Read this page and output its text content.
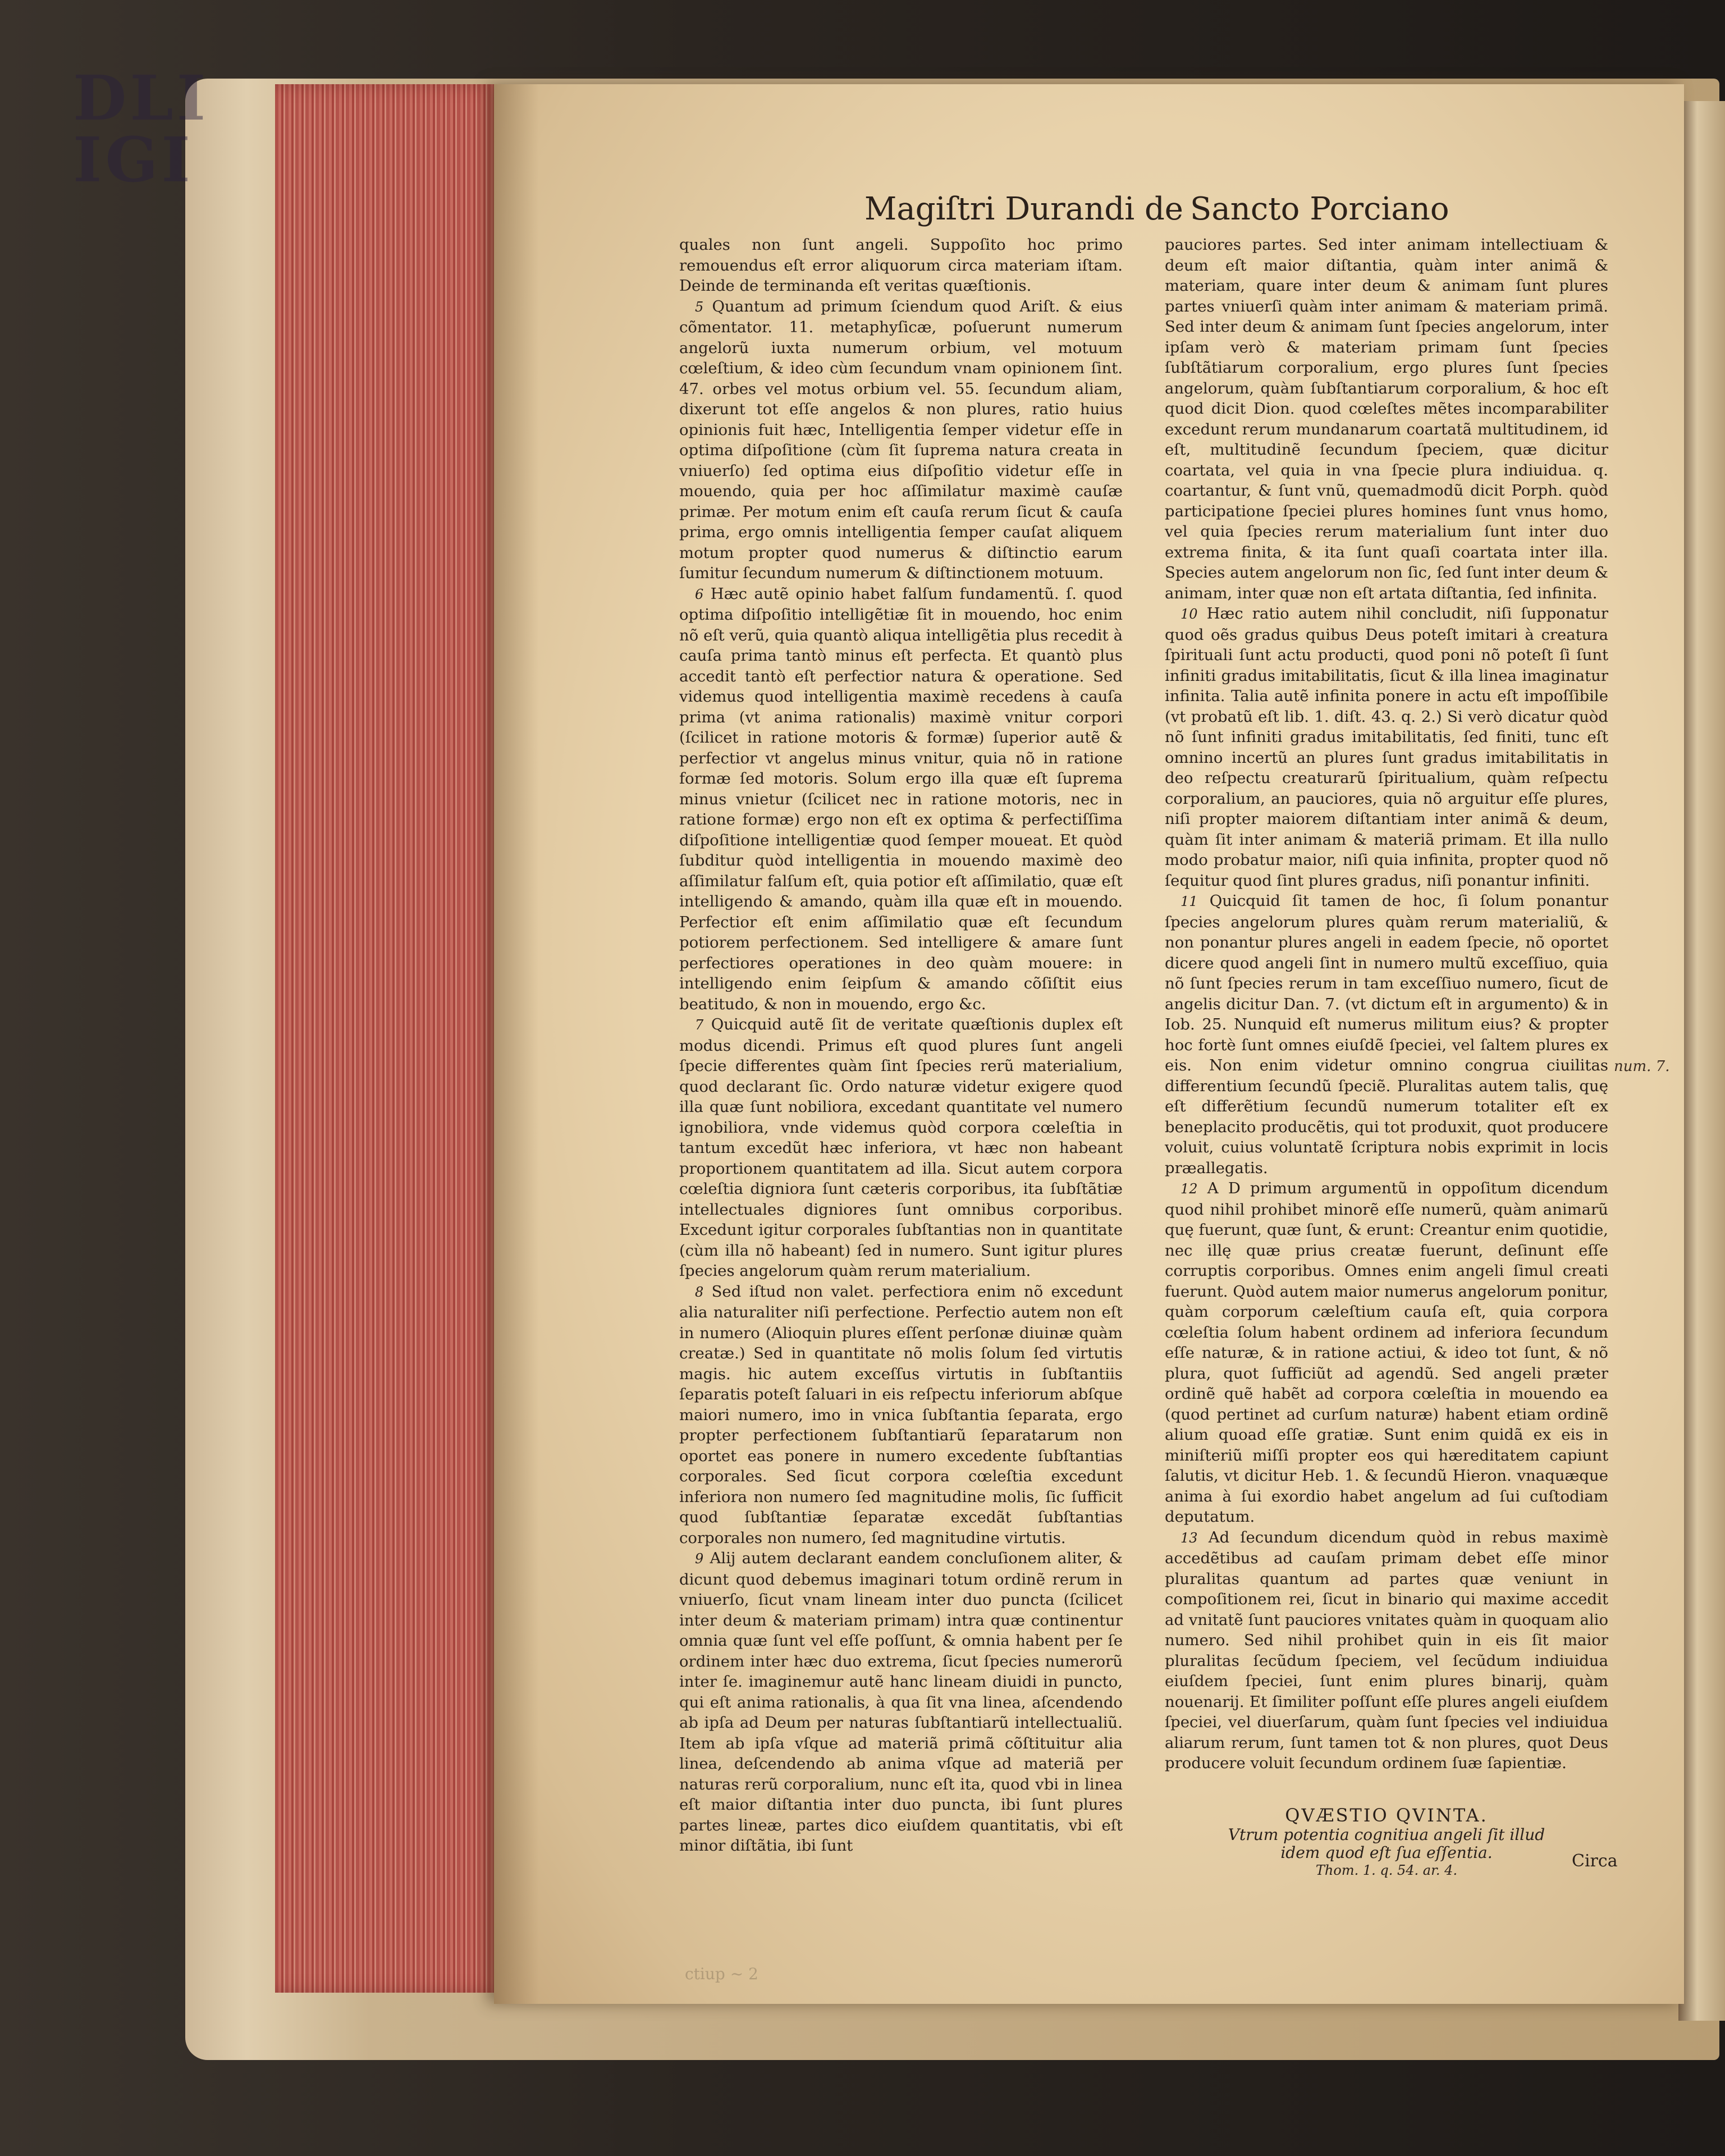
DLI
IGI
Magiſtri Durandi de Sancto Porciano

quales non ſunt angeli. Suppoſito hoc primo remouendus eſt error aliquorum circa materiam iſtam. Deinde de terminanda eſt veritas quæſtionis.

5 Quantum ad primum ſciendum quod Ariſt. & eius cõmentator. 11. metaphyſicæ, poſuerunt numerum angelorũ iuxta numerum orbium, vel motuum cœleſtium, & ideo cùm ſecundum vnam opinionem ſint. 47. orbes vel motus orbium vel. 55. ſecundum aliam, dixerunt tot eſſe angelos & non plures, ratio huius opinionis fuit hæc, Intelligentia ſemper videtur eſſe in optima diſpoſitione (cùm ſit ſuprema natura creata in vniuerſo) ſed optima eius diſpoſitio videtur eſſe in mouendo, quia per hoc aſſimilatur maximè cauſæ primæ. Per motum enim eſt cauſa rerum ſicut & cauſa prima, ergo omnis intelligentia ſemper cauſat aliquem motum propter quod numerus & diſtinctio earum ſumitur ſecundum numerum & diſtinctionem motuum.

6 Hæc autẽ opinio habet falſum fundamentũ. ſ. quod optima diſpoſitio intelligẽtiæ ſit in mouendo, hoc enim nõ eſt verũ, quia quantò aliqua intelligẽtia plus recedit à cauſa prima tantò minus eſt perfecta. Et quantò plus accedit tantò eſt perfectior natura & operatione. Sed videmus quod intelligentia maximè recedens à cauſa prima (vt anima rationalis) maximè vnitur corpori (ſcilicet in ratione motoris & formæ) ſuperior autẽ & perfectior vt angelus minus vnitur, quia nõ in ratione formæ ſed motoris. Solum ergo illa quæ eſt ſuprema minus vnietur (ſcilicet nec in ratione motoris, nec in ratione formæ) ergo non eſt ex optima & perfectiſſima diſpoſitione intelligentiæ quod ſemper moueat. Et quòd ſubditur quòd intelligentia in mouendo maximè deo aſſimilatur falſum eſt, quia potior eſt aſſimilatio, quæ eſt intelligendo & amando, quàm illa quæ eſt in mouendo. Perfectior eſt enim aſſimilatio quæ eſt ſecundum potiorem perfectionem. Sed intelligere & amare ſunt perfectiores operationes in deo quàm mouere: in intelligendo enim ſeipſum & amando cõſiſtit eius beatitudo, & non in mouendo, ergo &c.

7 Quicquid autẽ ſit de veritate quæſtionis duplex eſt modus dicendi. Primus eſt quod plures ſunt angeli ſpecie differentes quàm ſint ſpecies rerũ materialium, quod declarant ſic. Ordo naturæ videtur exigere quod illa quæ ſunt nobiliora, excedant quantitate vel numero ignobiliora, vnde videmus quòd corpora cœleſtia in tantum excedũt hæc inferiora, vt hæc non habeant proportionem quantitatem ad illa. Sicut autem corpora cœleſtia digniora ſunt cæteris corporibus, ita ſubſtãtiæ intellectuales digniores ſunt omnibus corporibus. Excedunt igitur corporales ſubſtantias non in quantitate (cùm illa nõ habeant) ſed in numero. Sunt igitur plures ſpecies angelorum quàm rerum materialium.

8 Sed iſtud non valet. perfectiora enim nõ excedunt alia naturaliter niſi perfectione. Perfectio autem non eſt in numero (Alioquin plures eſſent perſonæ diuinæ quàm creatæ.) Sed in quantitate nõ molis ſolum ſed virtutis magis. hic autem exceſſus virtutis in ſubſtantiis ſeparatis poteſt ſaluari in eis reſpectu inferiorum abſque maiori numero, imo in vnica ſubſtantia ſeparata, ergo propter perfectionem ſubſtantiarũ ſeparatarum non oportet eas ponere in numero excedente ſubſtantias corporales. Sed ſicut corpora cœleſtia excedunt inferiora non numero ſed magnitudine molis, ſic ſufficit quod ſubſtantiæ ſeparatæ excedãt ſubſtantias corporales non numero, ſed magnitudine virtutis.

9 Alij autem declarant eandem concluſionem aliter, & dicunt quod debemus imaginari totum ordinẽ rerum in vniuerſo, ſicut vnam lineam inter duo puncta (ſcilicet inter deum & materiam primam) intra quæ continentur omnia quæ ſunt vel eſſe poſſunt, & omnia habent per ſe ordinem inter hæc duo extrema, ſicut ſpecies numerorũ inter ſe. imaginemur autẽ hanc lineam diuidi in puncto, qui eſt anima rationalis, à qua ſit vna linea, aſcendendo ab ipſa ad Deum per naturas ſubſtantiarũ intellectualiũ. Item ab ipſa vſque ad materiã primã cõſtituitur alia linea, deſcendendo ab anima vſque ad materiã per naturas rerũ corporalium, nunc eſt ita, quod vbi in linea eſt maior diſtantia inter duo puncta, ibi ſunt plures partes lineæ, partes dico eiuſdem quantitatis, vbi eſt minor diſtãtia, ibi ſunt

pauciores partes. Sed inter animam intellectiuam & deum eſt maior diſtantia, quàm inter animã & materiam, quare inter deum & animam ſunt plures partes vniuerſi quàm inter animam & materiam primã. Sed inter deum & animam ſunt ſpecies angelorum, inter ipſam verò & materiam primam ſunt ſpecies ſubſtãtiarum corporalium, ergo plures ſunt ſpecies angelorum, quàm ſubſtantiarum corporalium, & hoc eſt quod dicit Dion. quod cœleſtes mẽtes incomparabiliter excedunt rerum mundanarum coartatã multitudinem, id eſt, multitudinẽ ſecundum ſpeciem, quæ dicitur coartata, vel quia in vna ſpecie plura indiuidua. q. coartantur, & ſunt vnũ, quemadmodũ dicit Porph. quòd participatione ſpeciei plures homines ſunt vnus homo, vel quia ſpecies rerum materialium ſunt inter duo extrema finita, & ita ſunt quaſi coartata inter illa. Species autem angelorum non ſic, ſed ſunt inter deum & animam, inter quæ non eſt artata diſtantia, ſed infinita.

10 Hæc ratio autem nihil concludit, niſi ſupponatur quod oẽs gradus quibus Deus poteſt imitari à creatura ſpirituali ſunt actu producti, quod poni nõ poteſt ſi ſunt infiniti gradus imitabilitatis, ſicut & illa linea imaginatur infinita. Talia autẽ infinita ponere in actu eſt impoſſibile (vt probatũ eſt lib. 1. diſt. 43. q. 2.) Si verò dicatur quòd nõ ſunt infiniti gradus imitabilitatis, ſed finiti, tunc eſt omnino incertũ an plures ſunt gradus imitabilitatis in deo reſpectu creaturarũ ſpiritualium, quàm reſpectu corporalium, an pauciores, quia nõ arguitur eſſe plures, niſi propter maiorem diſtantiam inter animã & deum, quàm ſit inter animam & materiã primam. Et illa nullo modo probatur maior, niſi quia infinita, propter quod nõ ſequitur quod ſint plures gradus, niſi ponantur infiniti.

11 Quicquid ſit tamen de hoc, ſi ſolum ponantur ſpecies angelorum plures quàm rerum materialiũ, & non ponantur plures angeli in eadem ſpecie, nõ oportet dicere quod angeli ſint in numero multũ exceſſiuo, quia nõ ſunt ſpecies rerum in tam exceſſiuo numero, ſicut de angelis dicitur Dan. 7. (vt dictum eſt in argumento) & in Iob. 25. Nunquid eſt numerus militum eius? & propter hoc fortè ſunt omnes eiuſdẽ ſpeciei, vel ſaltem plures ex eis. Non enim videtur omnino congrua ciuilitas differentium ſecundũ ſpeciẽ. Pluralitas autem talis, quę eſt differẽtium ſecundũ numerum totaliter eſt ex beneplacito producẽtis, qui tot produxit, quot producere voluit, cuius voluntatẽ ſcriptura nobis exprimit in locis præallegatis.

12 A D primum argumentũ in oppoſitum dicendum quod nihil prohibet minorẽ eſſe numerũ, quàm animarũ quę fuerunt, quæ ſunt, & erunt: Creantur enim quotidie, nec illę quæ prius creatæ fuerunt, deſinunt eſſe corruptis corporibus. Omnes enim angeli ſimul creati fuerunt. Quòd autem maior numerus angelorum ponitur, quàm corporum cæleſtium cauſa eſt, quia corpora cœleſtia ſolum habent ordinem ad inferiora ſecundum eſſe naturæ, & in ratione actiui, & ideo tot ſunt, & nõ plura, quot ſufficiũt ad agendũ. Sed angeli præter ordinẽ quẽ habẽt ad corpora cœleſtia in mouendo ea (quod pertinet ad curſum naturæ) habent etiam ordinẽ alium quoad eſſe gratiæ. Sunt enim quidã ex eis in miniſteriũ miſſi propter eos qui hæreditatem capiunt ſalutis, vt dicitur Heb. 1. & ſecundũ Hieron. vnaquæque anima à ſui exordio habet angelum ad ſui cuſtodiam deputatum.

13 Ad ſecundum dicendum quòd in rebus maximè accedẽtibus ad cauſam primam debet eſſe minor pluralitas quantum ad partes quæ veniunt in compoſitionem rei, ſicut in binario qui maxime accedit ad vnitatẽ ſunt pauciores vnitates quàm in quoquam alio numero. Sed nihil prohibet quin in eis ſit maior pluralitas ſecũdum ſpeciem, vel ſecũdum indiuidua eiuſdem ſpeciei, ſunt enim plures binarij, quàm nouenarij. Et ſimiliter poſſunt eſſe plures angeli eiuſdem ſpeciei, vel diuerſarum, quàm ſunt ſpecies vel indiuidua aliarum rerum, ſunt tamen tot & non plures, quot Deus producere voluit ſecundum ordinem ſuæ ſapientiæ.

num. 7.
QVÆSTIO QVINTA.
Vtrum potentia cognitiua angeli ſit illud
idem quod eſt ſua eſſentia.
Thom. 1. q. 54. ar. 4.	Circa
ctiup ~ 2
